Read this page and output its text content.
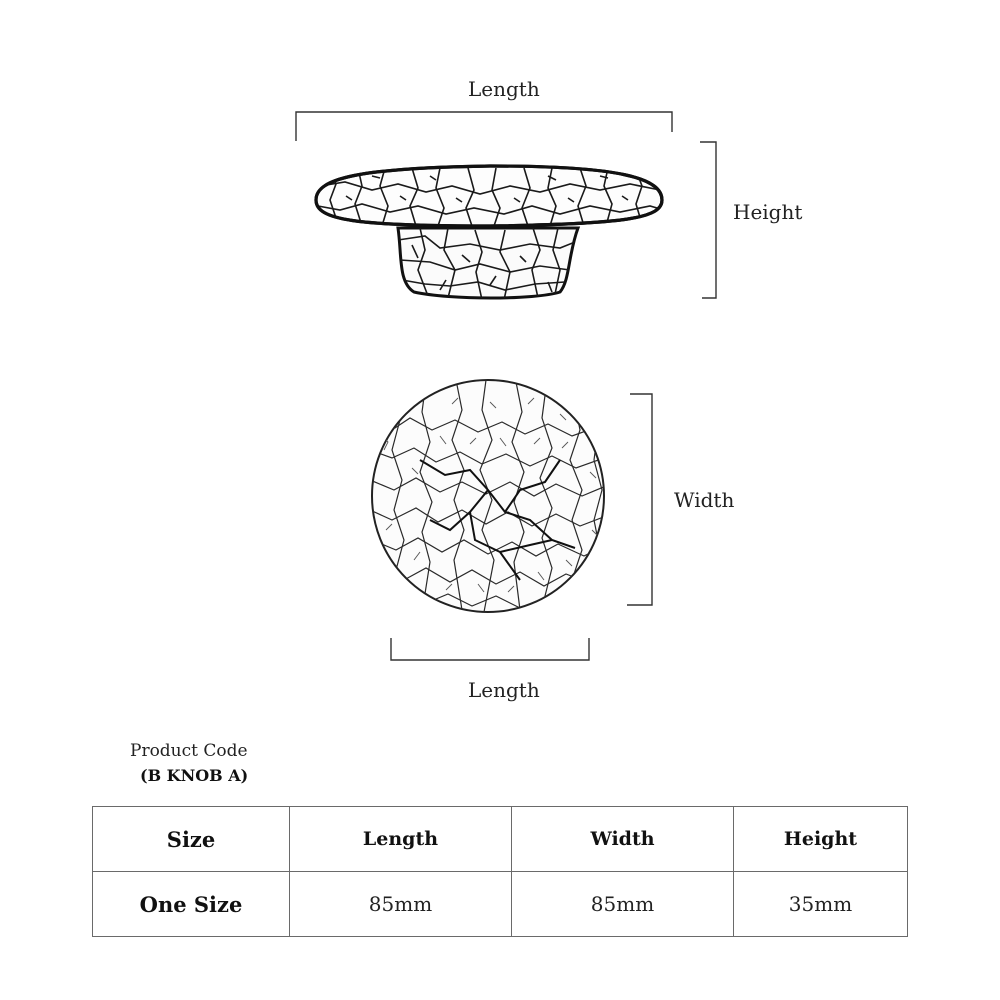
Length
Height
Width
Length
Product Code
(B KNOB A)
Size	Length	Width	Height
One Size	85mm	85mm	35mm
